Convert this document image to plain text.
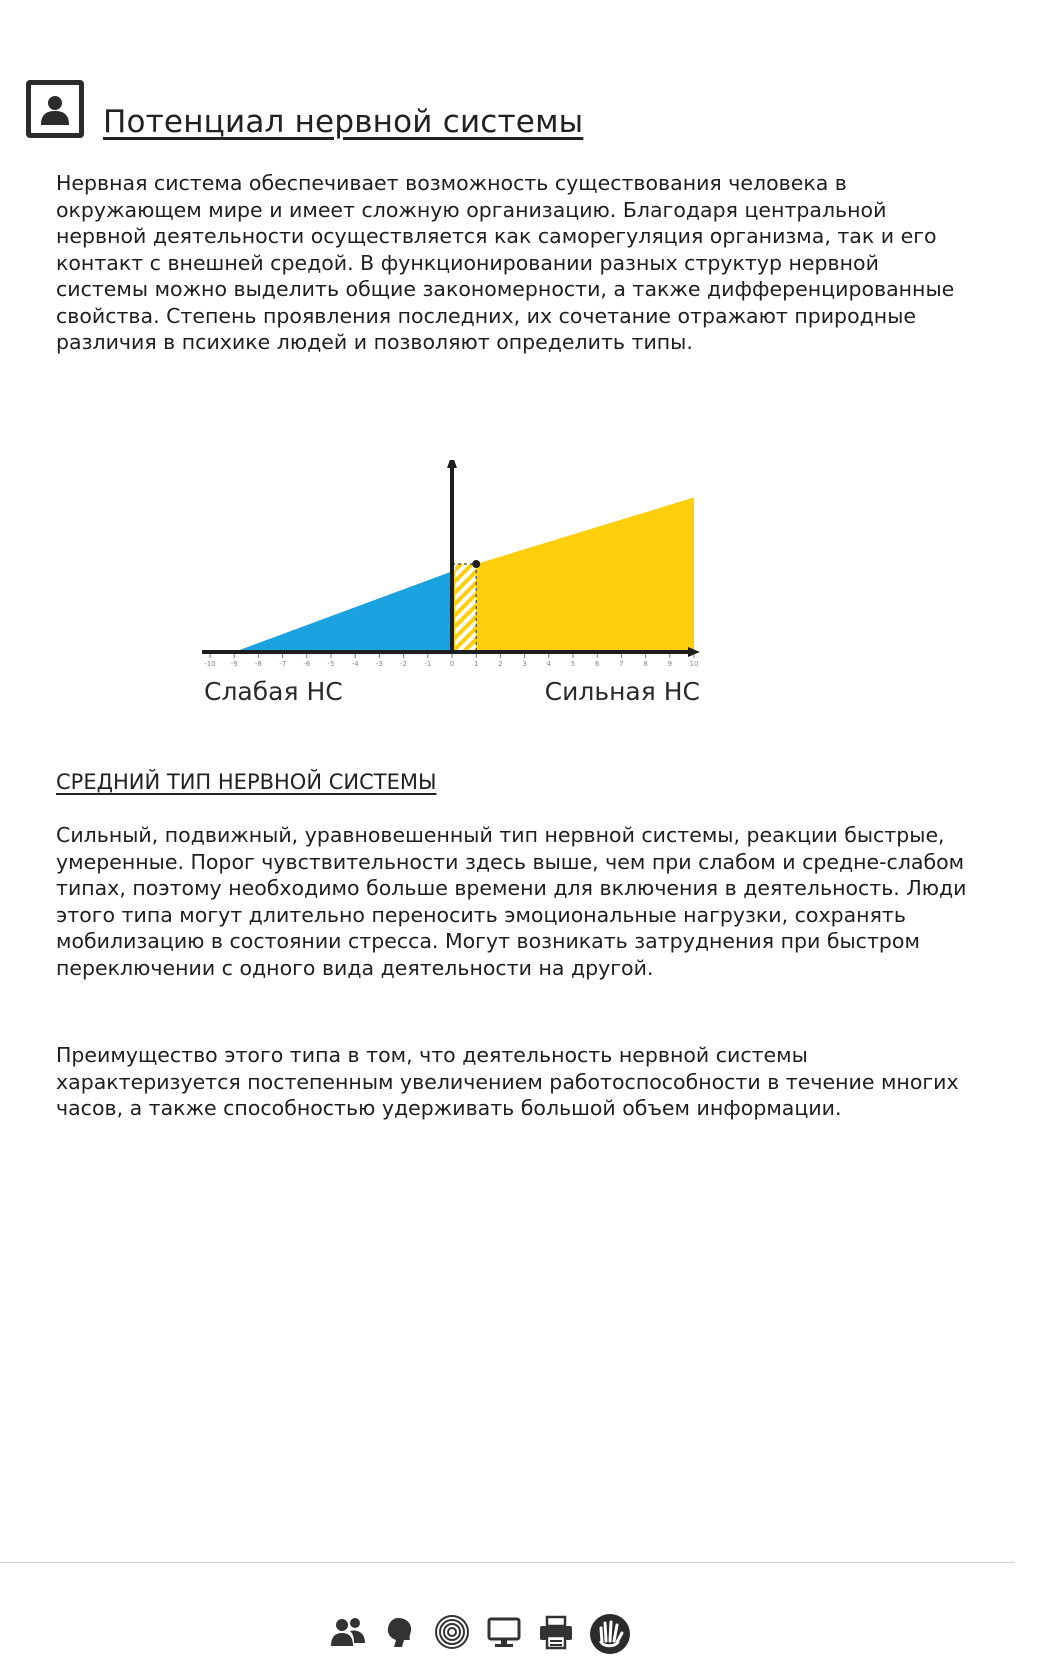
Потенциал нервной системы

Нервная система обеспечивает возможность существования человека в окружающем мире и имеет сложную организацию. Благодаря центральной нервной деятельности осуществляется как саморегуляция организма, так и его контакт с внешней средой. В функционировании разных структур нервной системы можно выделить общие закономерности, а также дифференцированные свойства. Степень проявления последних, их сочетание отражают природные различия в психике людей и позволяют определить типы.

-10 -9 -8 -7 -6 -5 -4 -3 -2 -1	0	1	2	3	4	5	6	7	8	9	10
Слабая НС	Сильная НС
СРЕДНИЙ ТИП НЕРВНОЙ СИСТЕМЫ

Сильный, подвижный, уравновешенный тип нервной системы, реакции быстрые, умеренные. Порог чувствительности здесь выше, чем при слабом и средне-слабом типах, поэтому необходимо больше времени для включения в деятельность. Люди этого типа могут длительно переносить эмоциональные нагрузки, сохранять мобилизацию в состоянии стресса. Могут возникать затруднения при быстром переключении с одного вида деятельности на другой.

Преимущество этого типа в том, что деятельность нервной системы характеризуется постепенным увеличением работоспособности в течение многих часов, а также способностью удерживать большой объем информации.
